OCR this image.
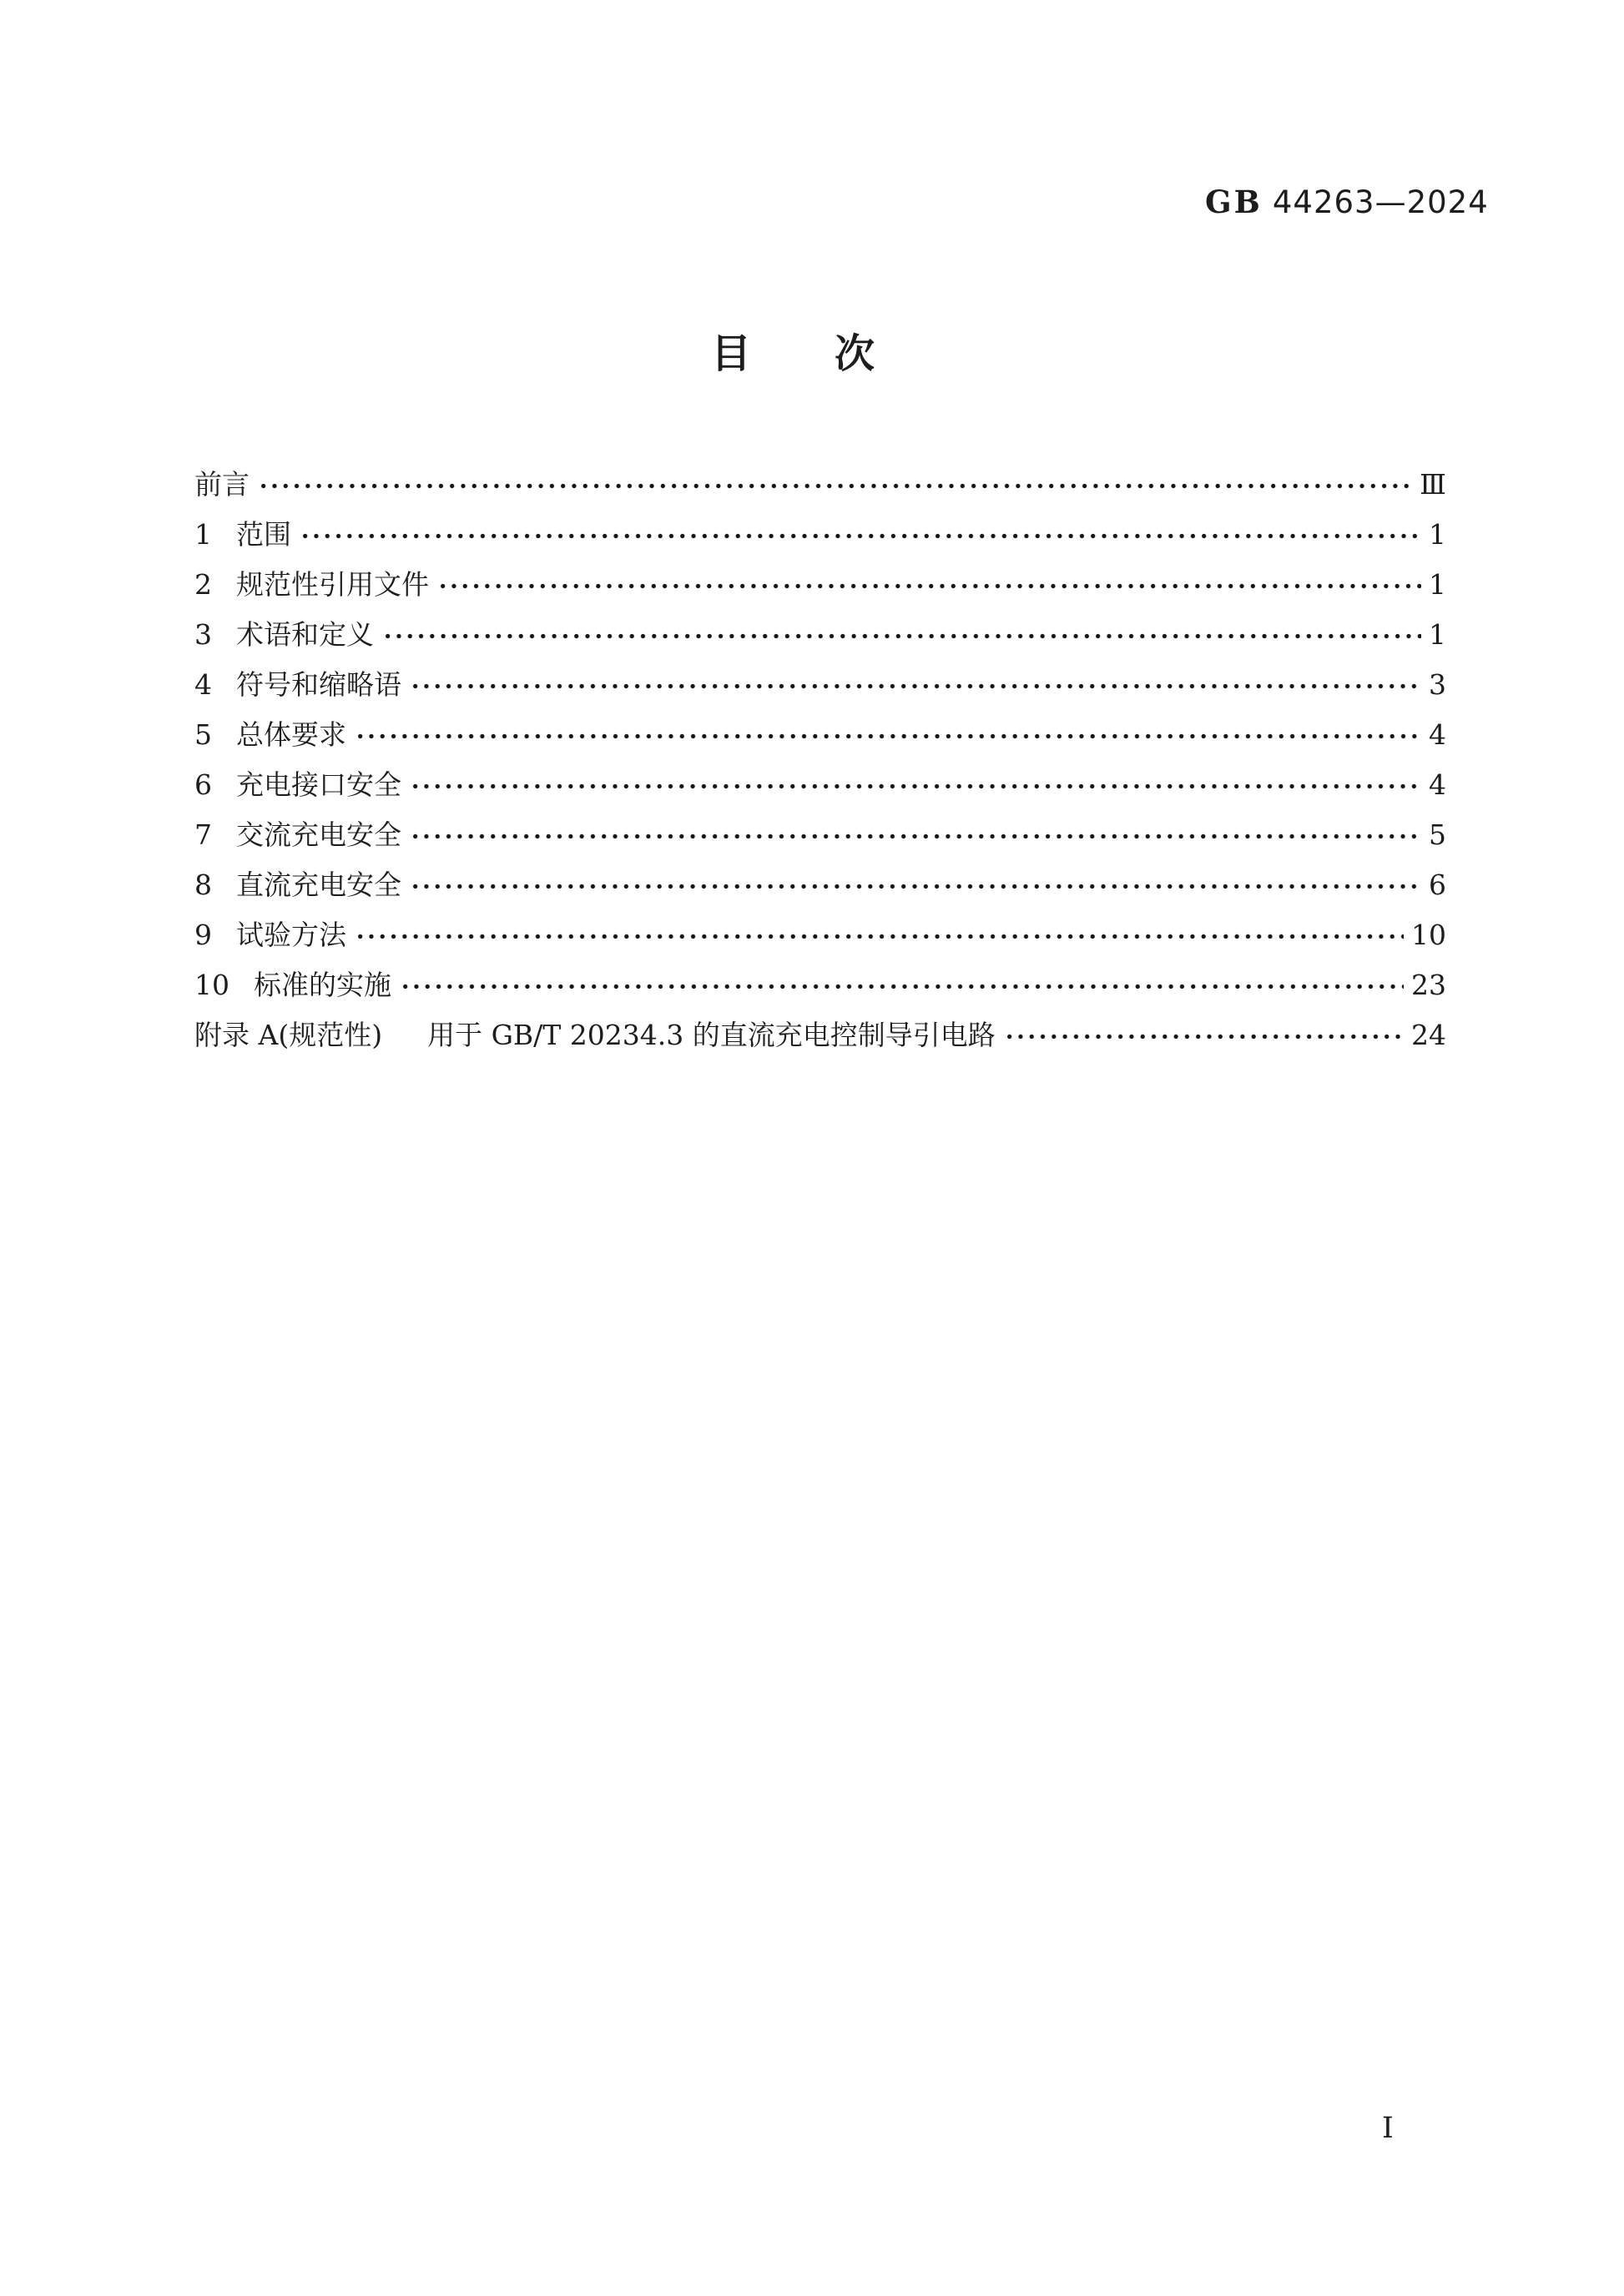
GB 44263—2024
目 次
前言	Ⅲ
1 范围	1
2 规范性引用文件	1
3 术语和定义	1
4 符号和缩略语	3
5 总体要求	4
6 充电接口安全	4
7 交流充电安全	5
8 直流充电安全	6
9 试验方法	10
10 标准的实施	23
附录 A(规范性) 用于 GB/T 20234.3 的直流充电控制导引电路	24
I
